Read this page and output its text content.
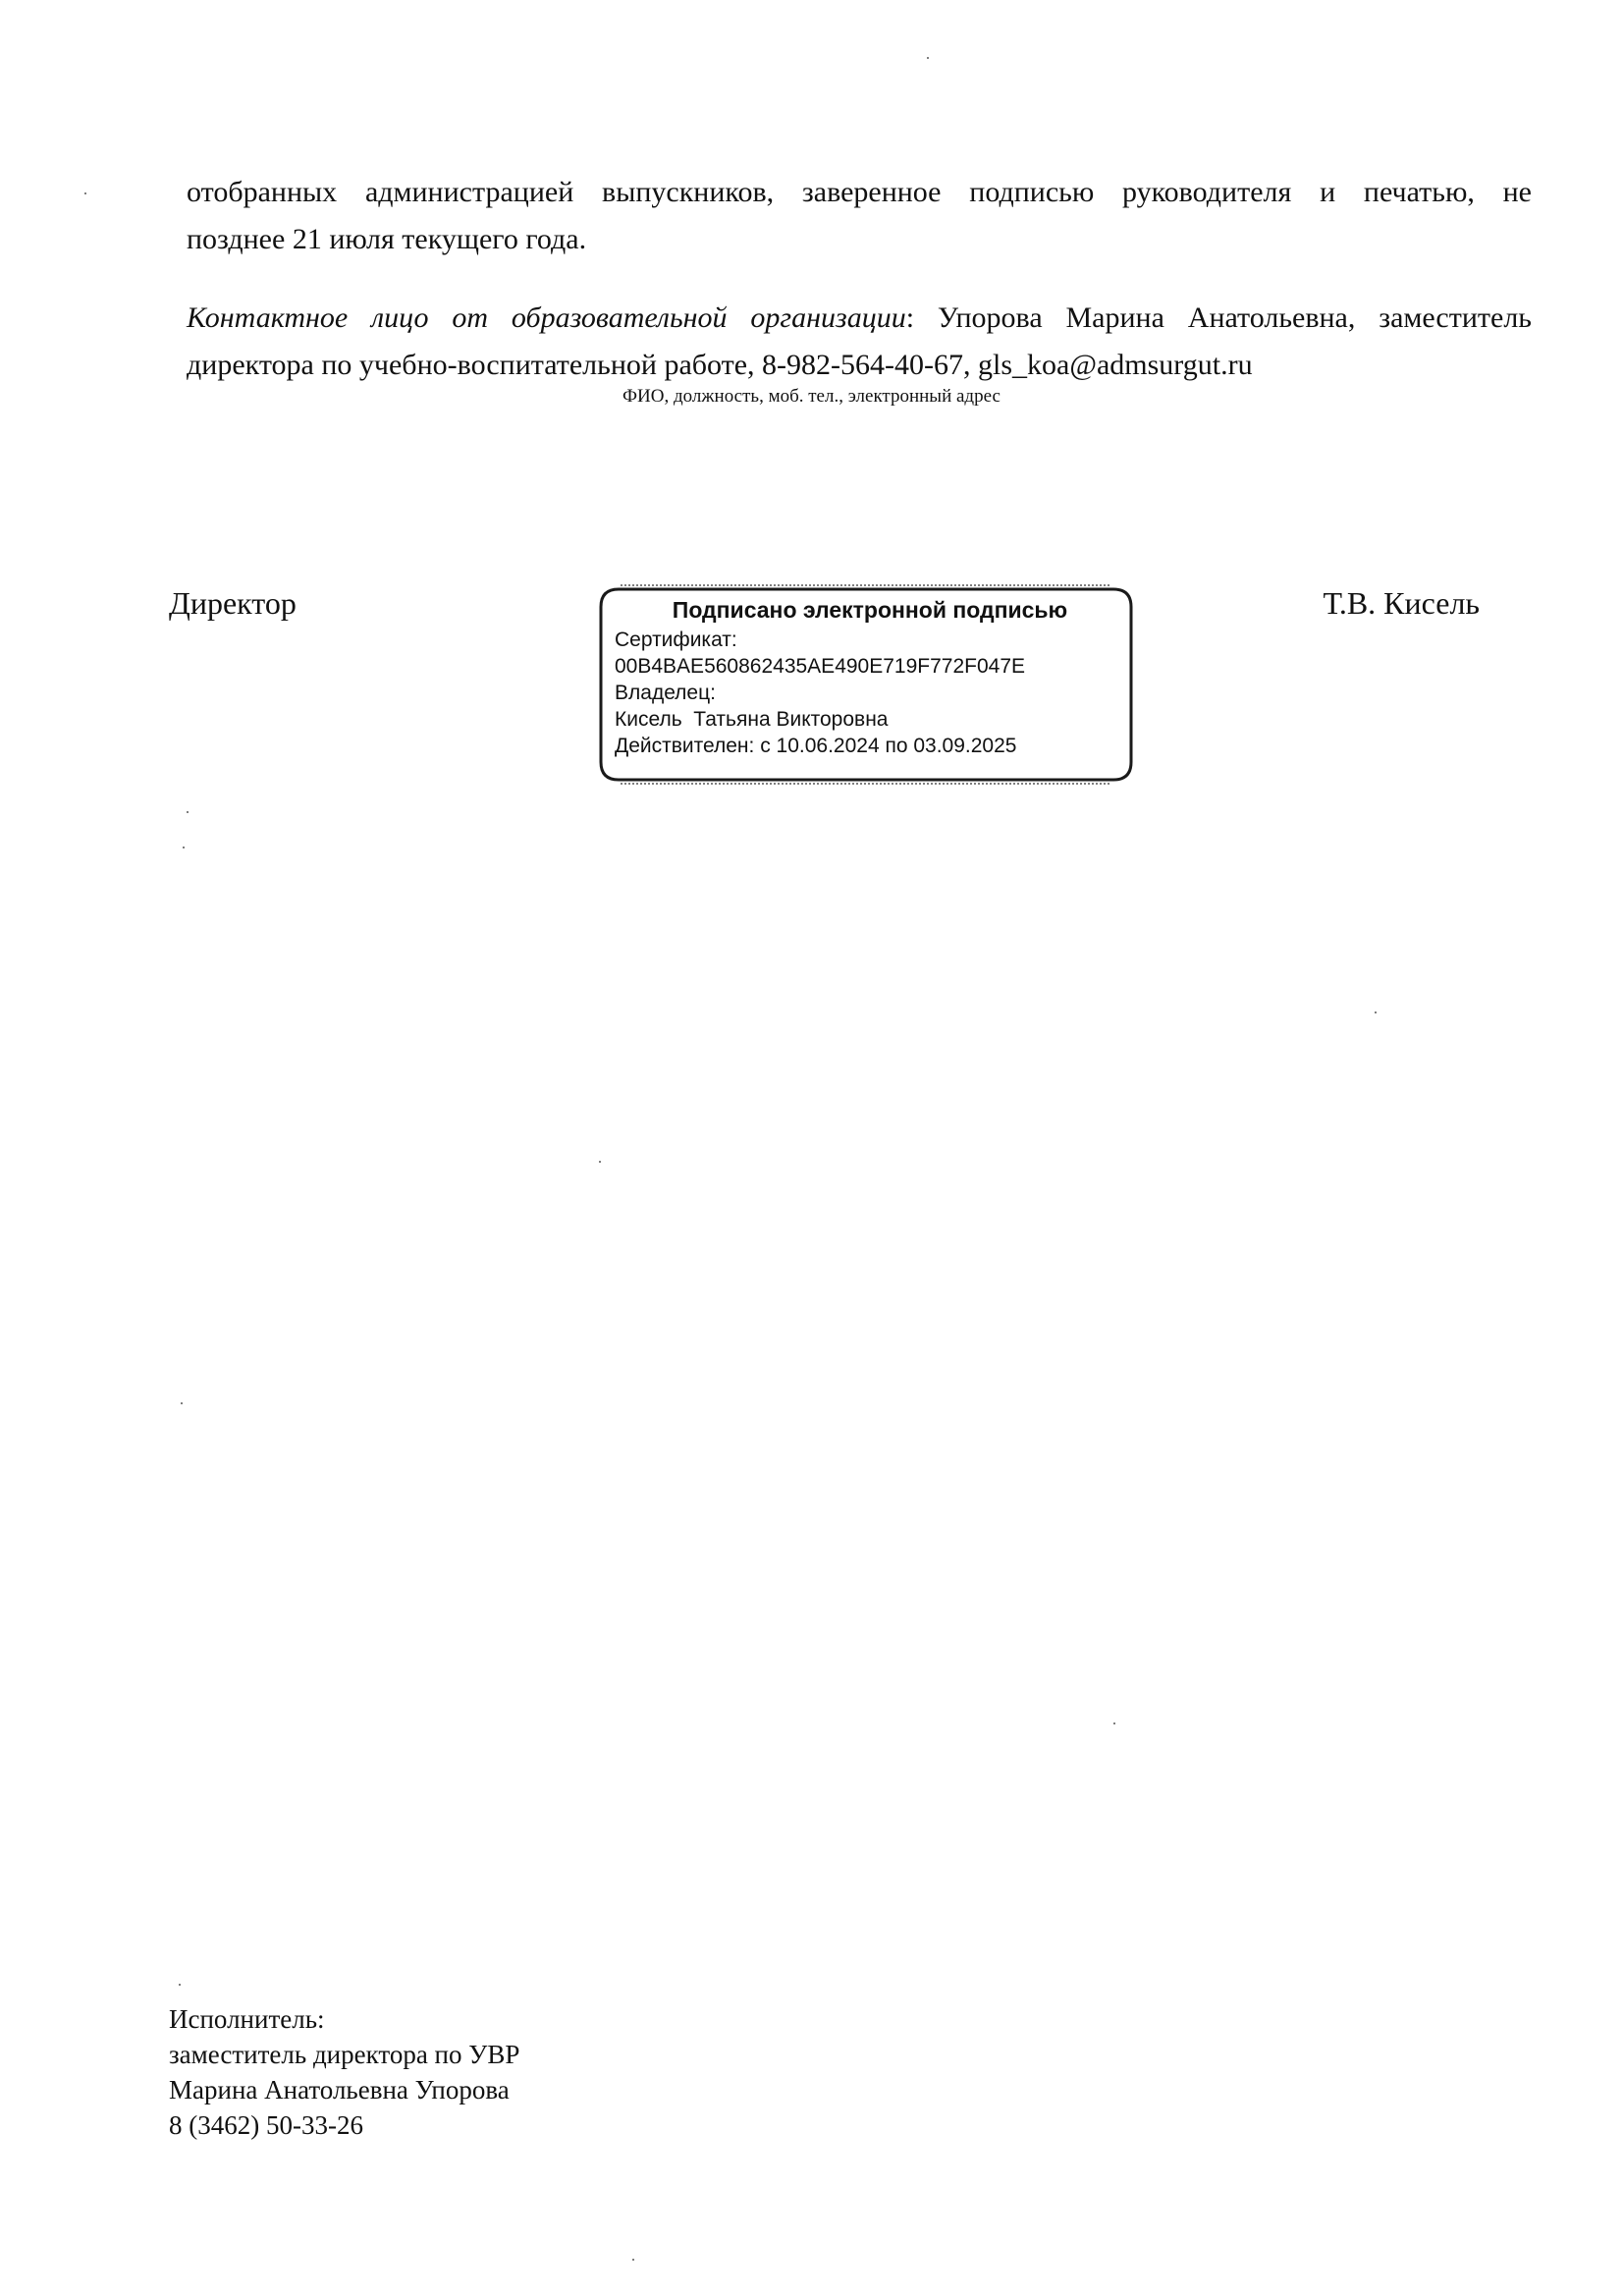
отобранных администрацией выпускников, заверенное подписью руководителя и печатью, не
позднее 21 июля текущего года.
Контактное лицо от образовательной организации: Упорова Марина Анатольевна, заместитель директора по учебно-воспитательной работе, 8-982-564-40-67, gls_koa@admsurgut.ru
ФИО, должность, моб. тел., электронный адрес
Директор	Подписано электронной подписью
Сертификат:
00B4BAE560862435AE490E719F772F047E
Владелец:
Кисель  Татьяна Викторовна
Действителен: с 10.06.2024 по 03.09.2025
Т.В. Кисель
Исполнитель:
заместитель директора по УВР
Марина Анатольевна Упорова
8 (3462) 50-33-26
